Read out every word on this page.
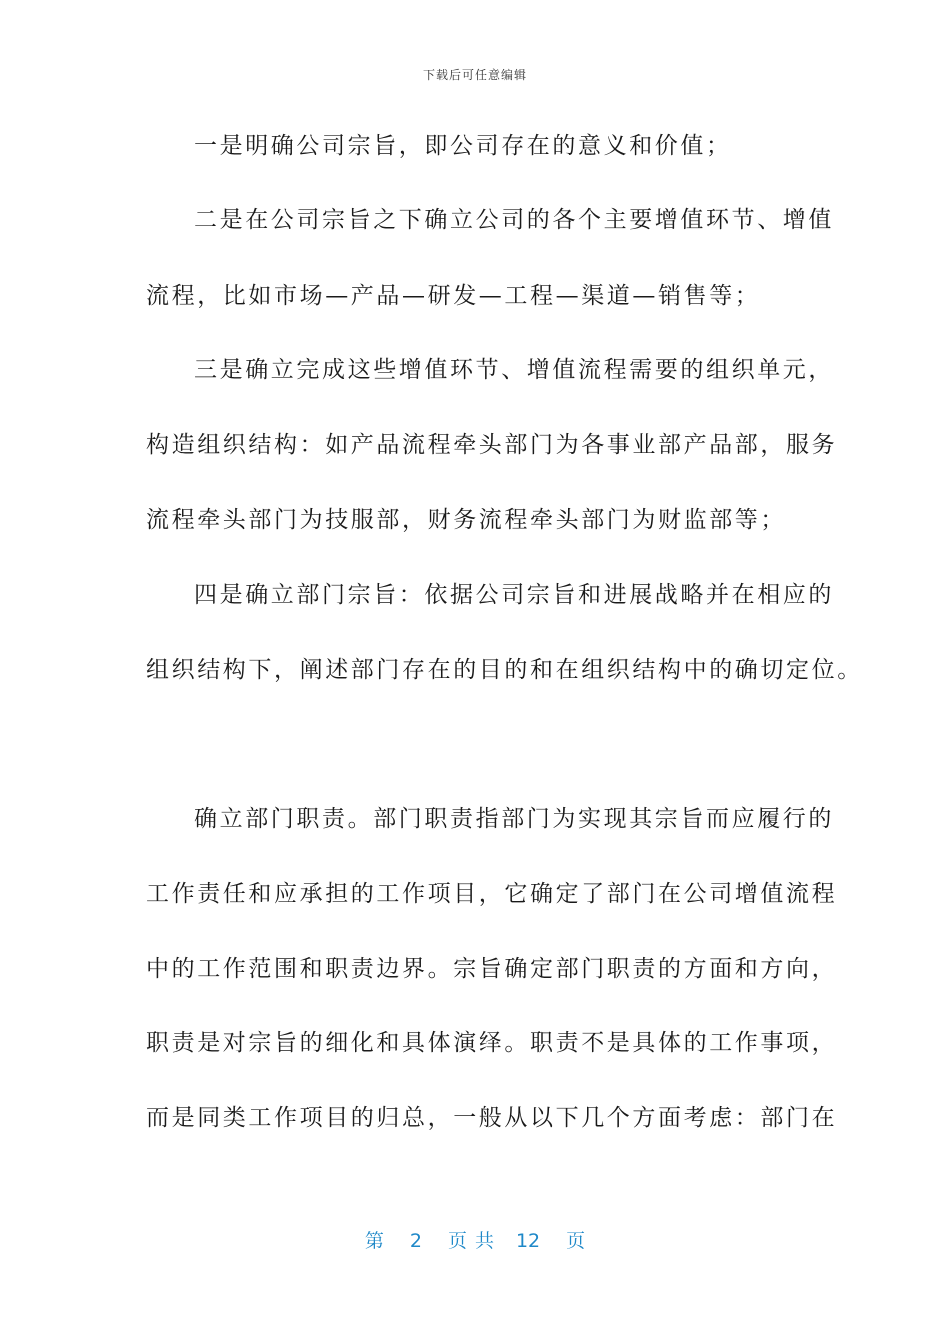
下载后可任意编辑
一是明确公司宗旨，即公司存在的意义和价值；
二是在公司宗旨之下确立公司的各个主要增值环节、增值
流程，比如市场—产品—研发—工程—渠道—销售等；
三是确立完成这些增值环节、增值流程需要的组织单元，
构造组织结构：如产品流程牵头部门为各事业部产品部，服务
流程牵头部门为技服部，财务流程牵头部门为财监部等；
四是确立部门宗旨：依据公司宗旨和进展战略并在相应的
组织结构下，阐述部门存在的目的和在组织结构中的确切定位。
确立部门职责。部门职责指部门为实现其宗旨而应履行的
工作责任和应承担的工作项目，它确定了部门在公司增值流程
中的工作范围和职责边界。宗旨确定部门职责的方面和方向，
职责是对宗旨的细化和具体演绎。职责不是具体的工作事项，
而是同类工作项目的归总，一般从以下几个方面考虑：部门在
第 2 页共 12 页
